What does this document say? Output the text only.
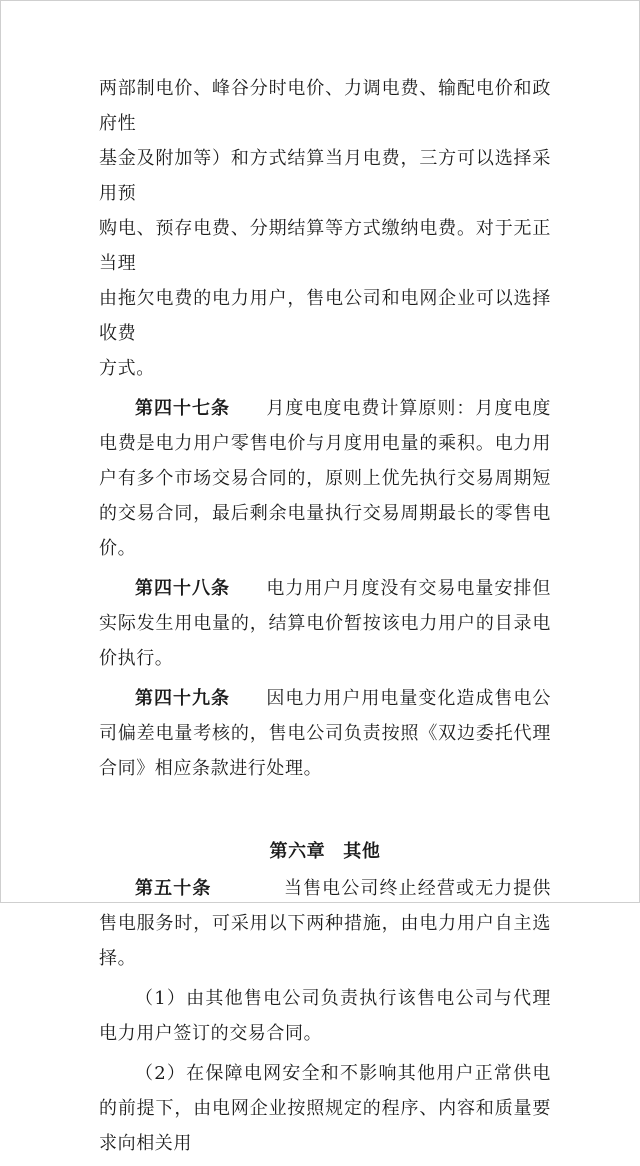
两部制电价、峰谷分时电价、力调电费、输配电价和政府性
基金及附加等）和方式结算当月电费，三方可以选择采用预
购电、预存电费、分期结算等方式缴纳电费。对于无正当理
由拖欠电费的电力用户，售电公司和电网企业可以选择收费
方式。

第四十七条 月度电度电费计算原则：月度电度电费是电力用户零售电价与月度用电量的乘积。电力用户有多个市场交易合同的，原则上优先执行交易周期短的交易合同，最后剩余电量执行交易周期最长的零售电价。

第四十八条 电力用户月度没有交易电量安排但实际发生用电量的，结算电价暂按该电力用户的目录电价执行。

第四十九条 因电力用户用电量变化造成售电公司偏差电量考核的，售电公司负责按照《双边委托代理合同》相应条款进行处理。

第六章 其他

第五十条	当售电公司终止经营或无力提供售电服务时，可采用以下两种措施，由电力用户自主选择。

（1）由其他售电公司负责执行该售电公司与代理电力用户签订的交易合同。

（2）在保障电网安全和不影响其他用户正常供电的前提下，由电网企业按照规定的程序、内容和质量要求向相关用
